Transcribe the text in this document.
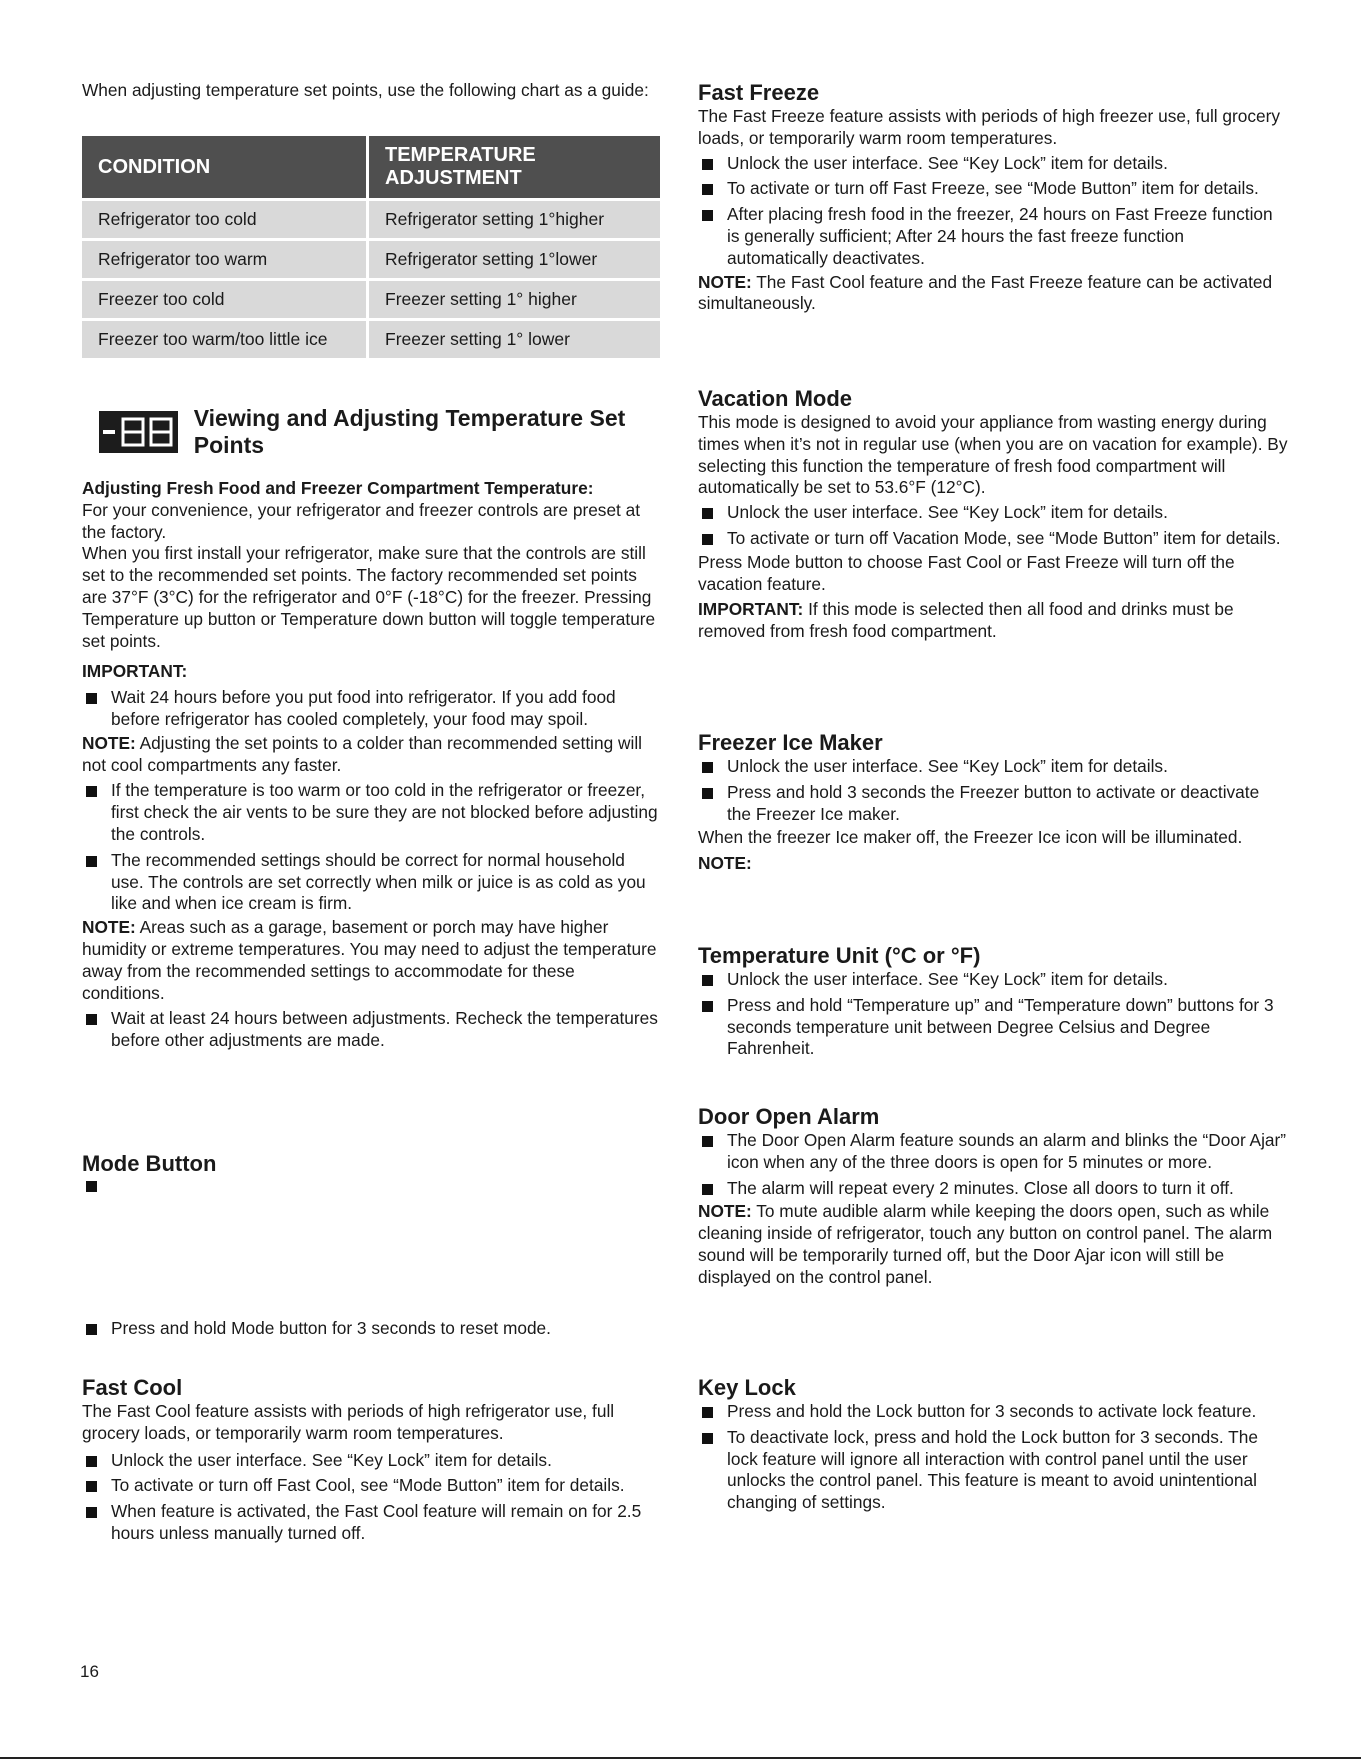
When adjusting temperature set points, use the following chart as a guide:

CONDITION	TEMPERATURE ADJUSTMENT
Refrigerator too cold	Refrigerator setting 1°higher
Refrigerator too warm	Refrigerator setting 1°lower
Freezer too cold	Freezer setting 1° higher
Freezer too warm/too little ice	Freezer setting 1° lower
Viewing and Adjusting Temperature Set Points

Adjusting Fresh Food and Freezer Compartment Temperature:

For your convenience, your refrigerator and freezer controls are preset at the factory.

When you first install your refrigerator, make sure that the controls are still set to the recommended set points. The factory recommended set points are 37°F (3°C) for the refrigerator and 0°F (-18°C) for the freezer. Pressing Temperature up button or Temperature down button will toggle temperature set points.

IMPORTANT:

Wait 24 hours before you put food into refrigerator. If you add food before refrigerator has cooled completely, your food may spoil.

NOTE: Adjusting the set points to a colder than recommended setting will not cool compartments any faster.

If the temperature is too warm or too cold in the refrigerator or freezer, first check the air vents to be sure they are not blocked before adjusting the controls.

The recommended settings should be correct for normal household use. The controls are set correctly when milk or juice is as cold as you like and when ice cream is firm.

NOTE: Areas such as a garage, basement or porch may have higher humidity or extreme temperatures. You may need to adjust the temperature away from the recommended settings to accommodate for these conditions.

Wait at least 24 hours between adjustments. Recheck the temperatures before other adjustments are made.

Mode Button

Press and hold Mode button for 3 seconds to reset mode.

Fast Cool

The Fast Cool feature assists with periods of high refrigerator use, full grocery loads, or temporarily warm room temperatures.

Unlock the user interface. See “Key Lock” item for details.

To activate or turn off Fast Cool, see “Mode Button” item for details.

When feature is activated, the Fast Cool feature will remain on for 2.5 hours unless manually turned off.

Fast Freeze

The Fast Freeze feature assists with periods of high freezer use, full grocery loads, or temporarily warm room temperatures.

Unlock the user interface. See “Key Lock” item for details.

To activate or turn off Fast Freeze, see “Mode Button” item for details.

After placing fresh food in the freezer, 24 hours on Fast Freeze function is generally sufficient; After 24 hours the fast freeze function automatically deactivates.

NOTE: The Fast Cool feature and the Fast Freeze feature can be activated simultaneously.

Vacation Mode

This mode is designed to avoid your appliance from wasting energy during times when it’s not in regular use (when you are on vacation for example). By selecting this function the temperature of fresh food compartment will automatically be set to 53.6°F (12°C).

Unlock the user interface. See “Key Lock” item for details.

To activate or turn off Vacation Mode, see “Mode Button” item for details.

Press Mode button to choose Fast Cool or Fast Freeze will turn off the vacation feature.

IMPORTANT: If this mode is selected then all food and drinks must be removed from fresh food compartment.

Freezer Ice Maker

Unlock the user interface. See “Key Lock” item for details.

Press and hold 3 seconds the Freezer button to activate or deactivate the Freezer Ice maker.

When the freezer Ice maker off, the Freezer Ice icon will be illuminated.

NOTE:

Temperature Unit (°C or °F)

Unlock the user interface. See “Key Lock” item for details.

Press and hold “Temperature up” and “Temperature down” buttons for 3 seconds temperature unit between Degree Celsius and Degree Fahrenheit.

Door Open Alarm

The Door Open Alarm feature sounds an alarm and blinks the “Door Ajar” icon when any of the three doors is open for 5 minutes or more.

The alarm will repeat every 2 minutes. Close all doors to turn it off.

NOTE: To mute audible alarm while keeping the doors open, such as while cleaning inside of refrigerator, touch any button on control panel. The alarm sound will be temporarily turned off, but the Door Ajar icon will still be displayed on the control panel.

Key Lock

Press and hold the Lock button for 3 seconds to activate lock feature.

To deactivate lock, press and hold the Lock button for 3 seconds. The lock feature will ignore all interaction with control panel until the user unlocks the control panel. This feature is meant to avoid unintentional changing of settings.

16
